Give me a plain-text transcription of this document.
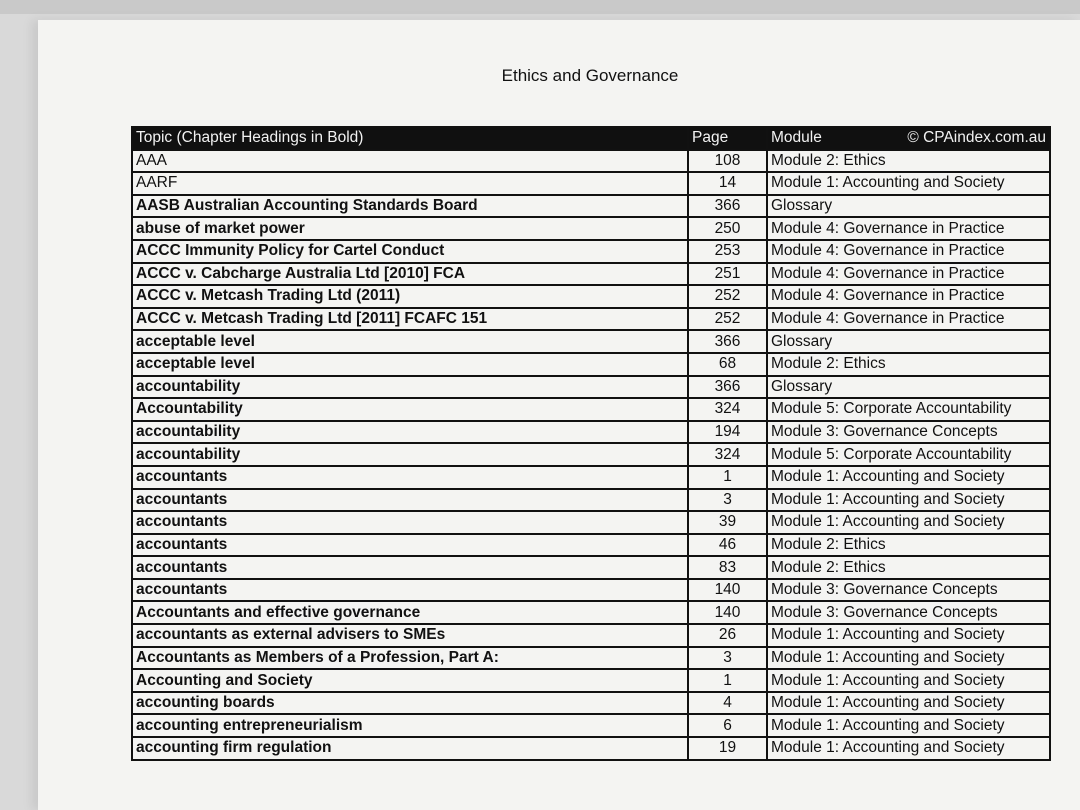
Ethics and Governance
Topic (Chapter Headings in Bold)	Page	Module © CPAindex.com.au

AAA	108	Module 2: Ethics
AARF	14	Module 1: Accounting and Society
AASB Australian Accounting Standards Board	366	Glossary
abuse of market power	250	Module 4: Governance in Practice
ACCC Immunity Policy for Cartel Conduct	253	Module 4: Governance in Practice
ACCC v. Cabcharge Australia Ltd [2010] FCA	251	Module 4: Governance in Practice
ACCC v. Metcash Trading Ltd (2011)	252	Module 4: Governance in Practice
ACCC v. Metcash Trading Ltd [2011] FCAFC 151	252	Module 4: Governance in Practice
acceptable level	366	Glossary
acceptable level	68	Module 2: Ethics
accountability	366	Glossary
Accountability	324	Module 5: Corporate Accountability
accountability	194	Module 3: Governance Concepts
accountability	324	Module 5: Corporate Accountability
accountants	1	Module 1: Accounting and Society
accountants	3	Module 1: Accounting and Society
accountants	39	Module 1: Accounting and Society
accountants	46	Module 2: Ethics
accountants	83	Module 2: Ethics
accountants	140	Module 3: Governance Concepts
Accountants and effective governance	140	Module 3: Governance Concepts
accountants as external advisers to SMEs	26	Module 1: Accounting and Society
Accountants as Members of a Profession, Part A:	3	Module 1: Accounting and Society
Accounting and Society	1	Module 1: Accounting and Society
accounting boards	4	Module 1: Accounting and Society
accounting entrepreneurialism	6	Module 1: Accounting and Society
accounting firm regulation	19	Module 1: Accounting and Society
